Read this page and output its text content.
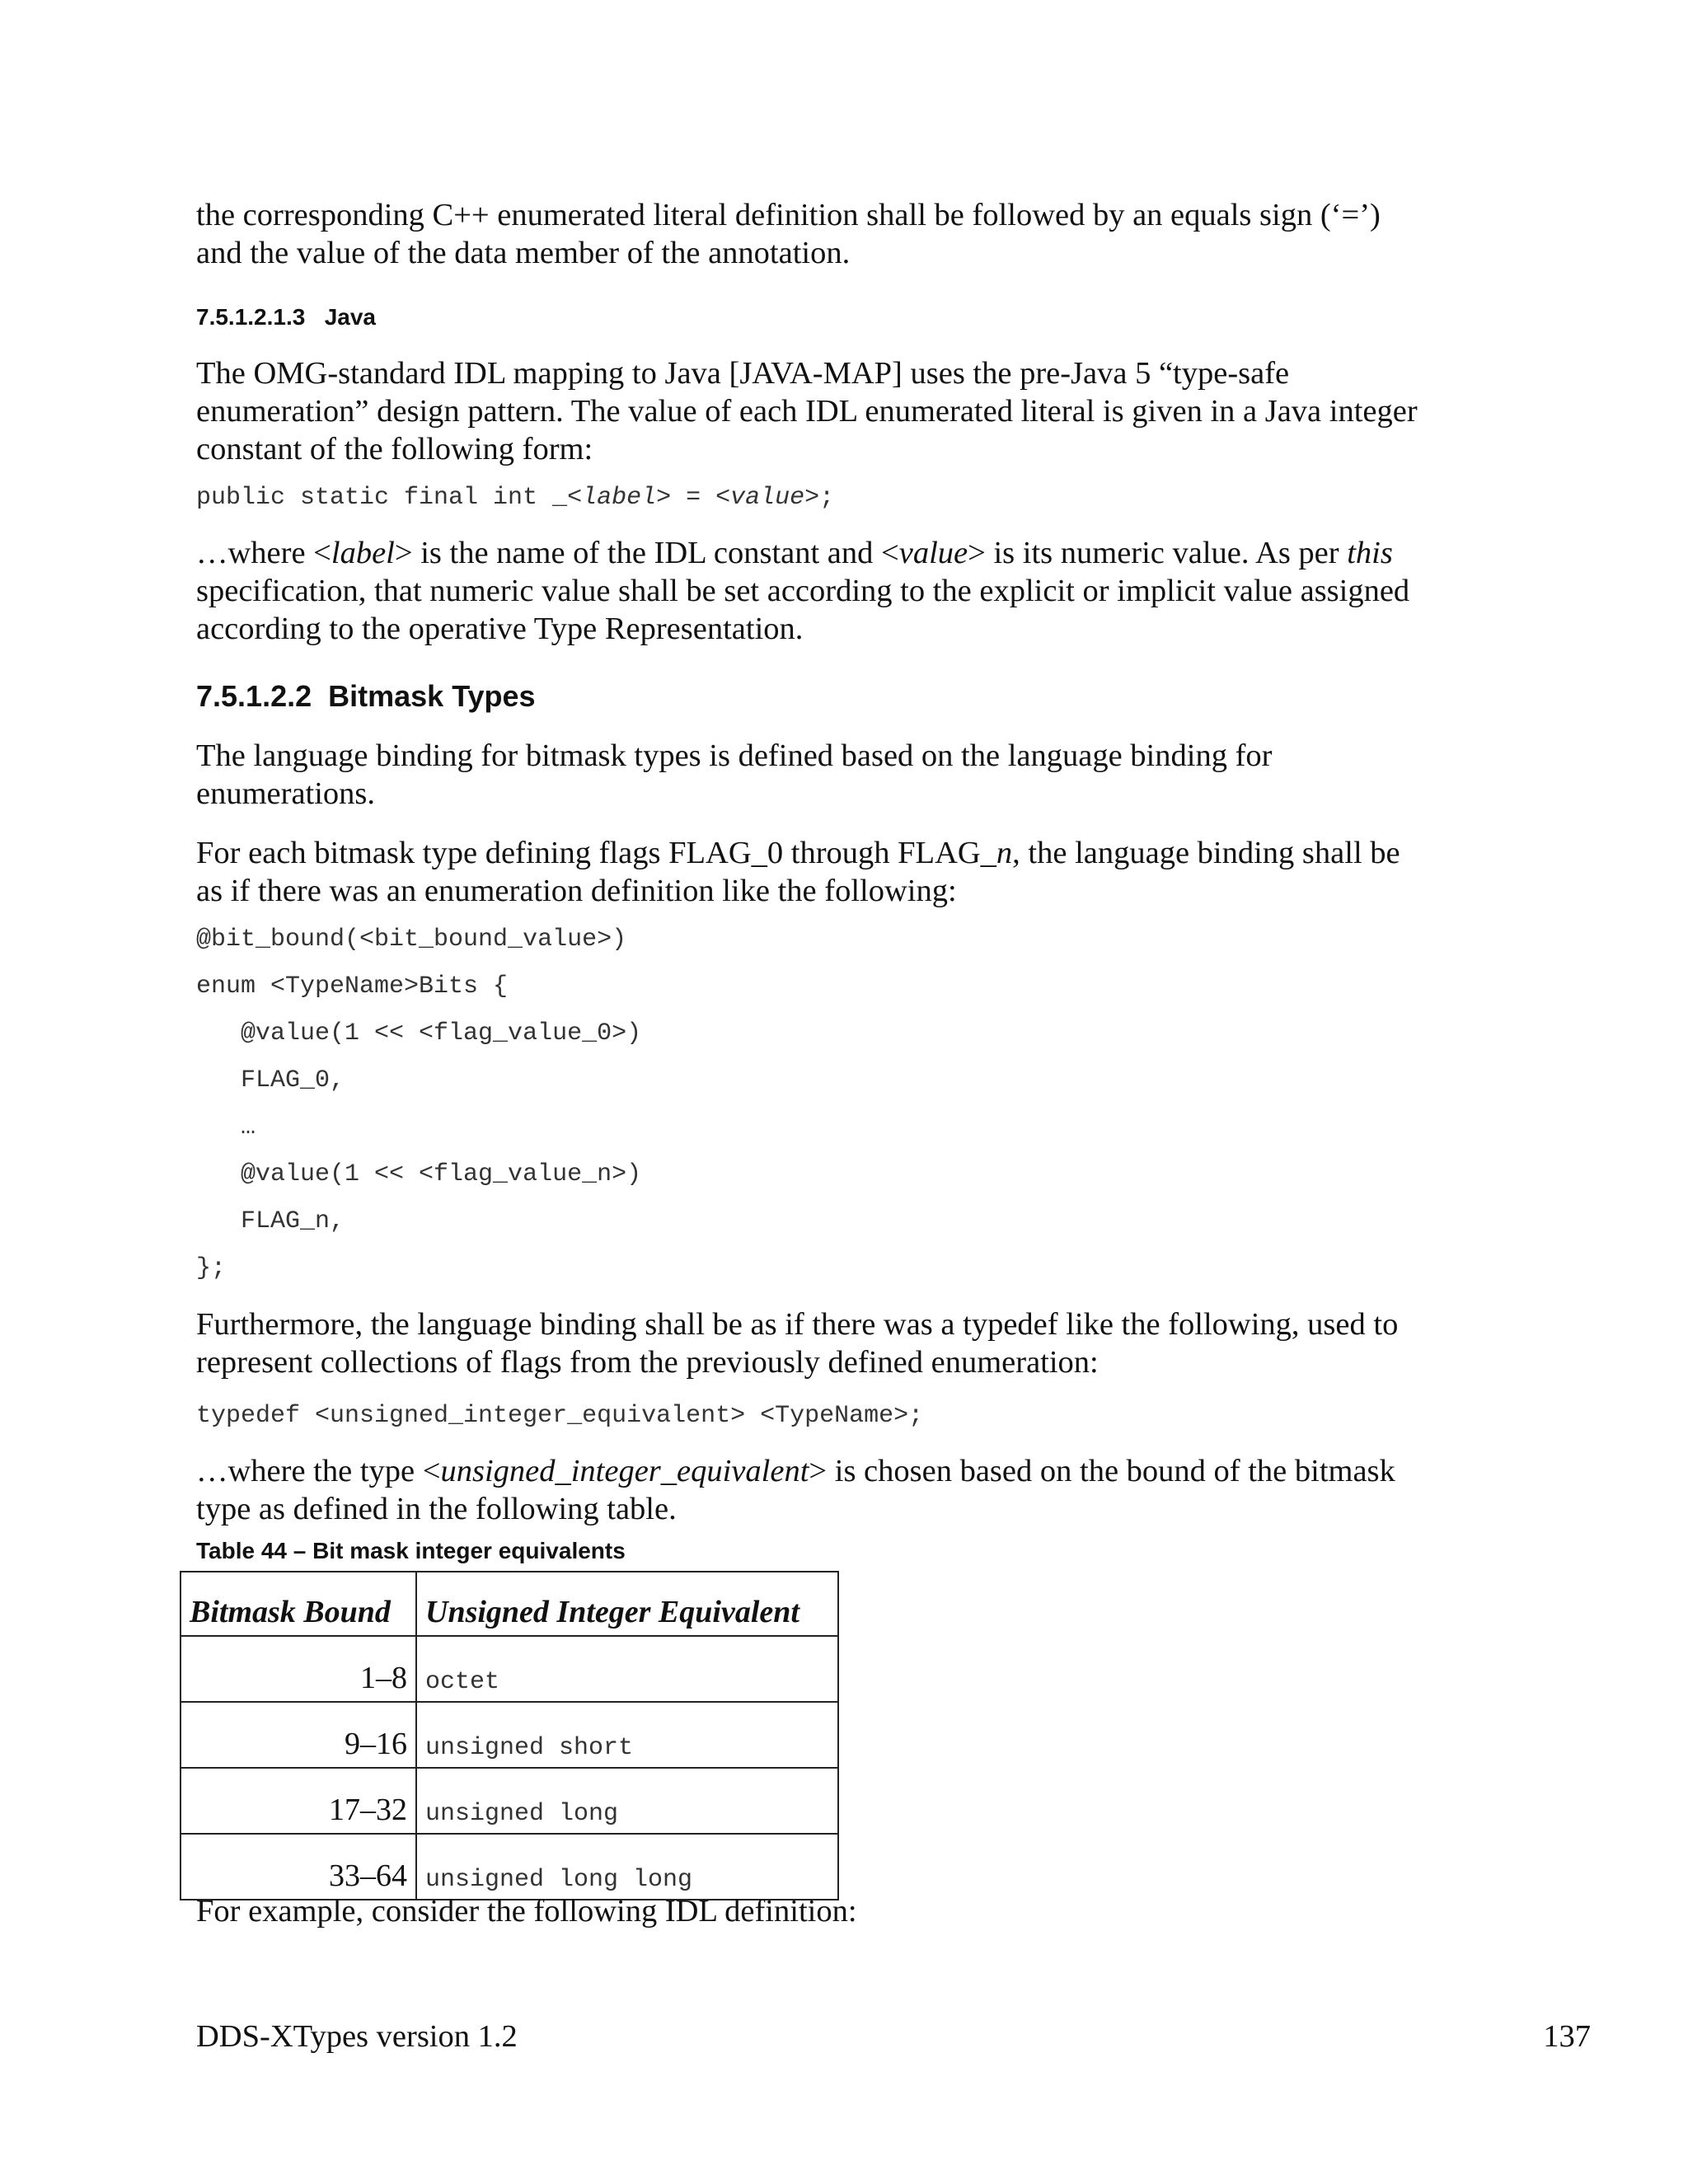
the corresponding C++ enumerated literal definition shall be followed by an equals sign (‘=’)

and the value of the data member of the annotation.

7.5.1.2.1.3 Java

The OMG-standard IDL mapping to Java [JAVA-MAP] uses the pre-Java 5 “type-safe

enumeration” design pattern. The value of each IDL enumerated literal is given in a Java integer

constant of the following form:

public static final int _<label> = <value>;

…where <label> is the name of the IDL constant and <value> is its numeric value. As per this

specification, that numeric value shall be set according to the explicit or implicit value assigned

according to the operative Type Representation.

7.5.1.2.2 Bitmask Types

The language binding for bitmask types is defined based on the language binding for

enumerations.

For each bitmask type defining flags FLAG_0 through FLAG_n, the language binding shall be

as if there was an enumeration definition like the following:

@bit_bound(<bit_bound_value>)

enum <TypeName>Bits {

@value(1 << <flag_value_0>)

FLAG_0,

…

@value(1 << <flag_value_n>)

FLAG_n,

};

Furthermore, the language binding shall be as if there was a typedef like the following, used to

represent collections of flags from the previously defined enumeration:

typedef <unsigned_integer_equivalent> <TypeName>;

…where the type <unsigned_integer_equivalent> is chosen based on the bound of the bitmask

type as defined in the following table.

Table 44 – Bit mask integer equivalents

Bitmask Bound	Unsigned Integer Equivalent
1–8	octet
9–16	unsigned short
17–32	unsigned long
33–64	unsigned long long

For example, consider the following IDL definition:

DDS-XTypes version 1.2	137
